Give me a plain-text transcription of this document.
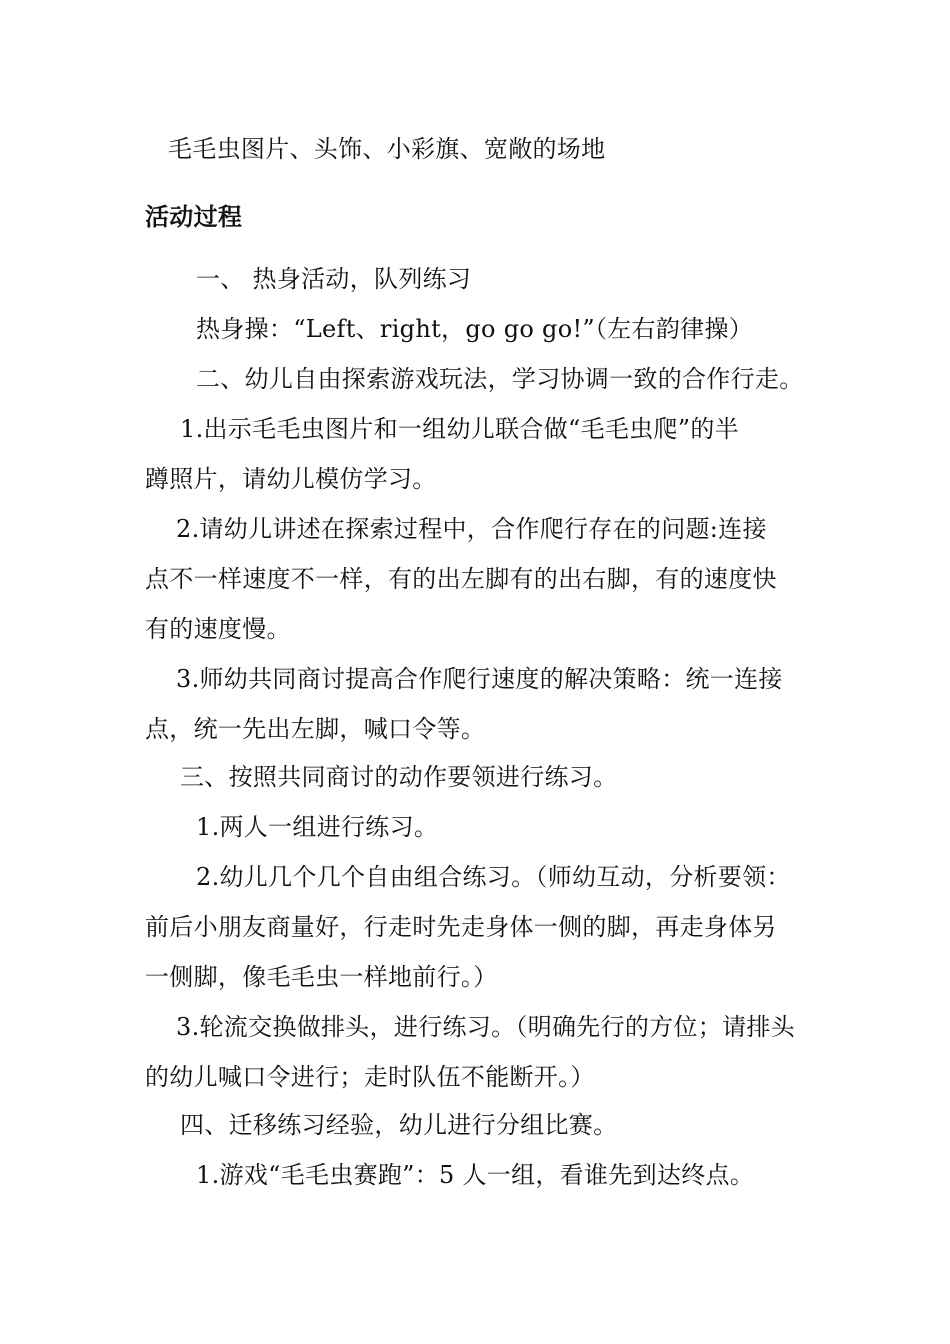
毛毛虫图片、头饰、小彩旗、宽敞的场地
活动过程
一、 热身活动，队列练习
热身操：“Left、right，go go go!”（左右韵律操）
二、幼儿自由探索游戏玩法，学习协调一致的合作行走。
1.出示毛毛虫图片和一组幼儿联合做“毛毛虫爬”的半
蹲照片，请幼儿模仿学习。
2.请幼儿讲述在探索过程中，合作爬行存在的问题:连接
点不一样速度不一样，有的出左脚有的出右脚，有的速度快
有的速度慢。
3.师幼共同商讨提高合作爬行速度的解决策略：统一连接
点，统一先出左脚，喊口令等。
三、按照共同商讨的动作要领进行练习。
1.两人一组进行练习。
2.幼儿几个几个自由组合练习。（师幼互动，分析要领：
前后小朋友商量好，行走时先走身体一侧的脚，再走身体另
一侧脚，像毛毛虫一样地前行。）
3.轮流交换做排头，进行练习。（明确先行的方位；请排头
的幼儿喊口令进行；走时队伍不能断开。）
四、迁移练习经验，幼儿进行分组比赛。
1.游戏“毛毛虫赛跑”：5 人一组，看谁先到达终点。
